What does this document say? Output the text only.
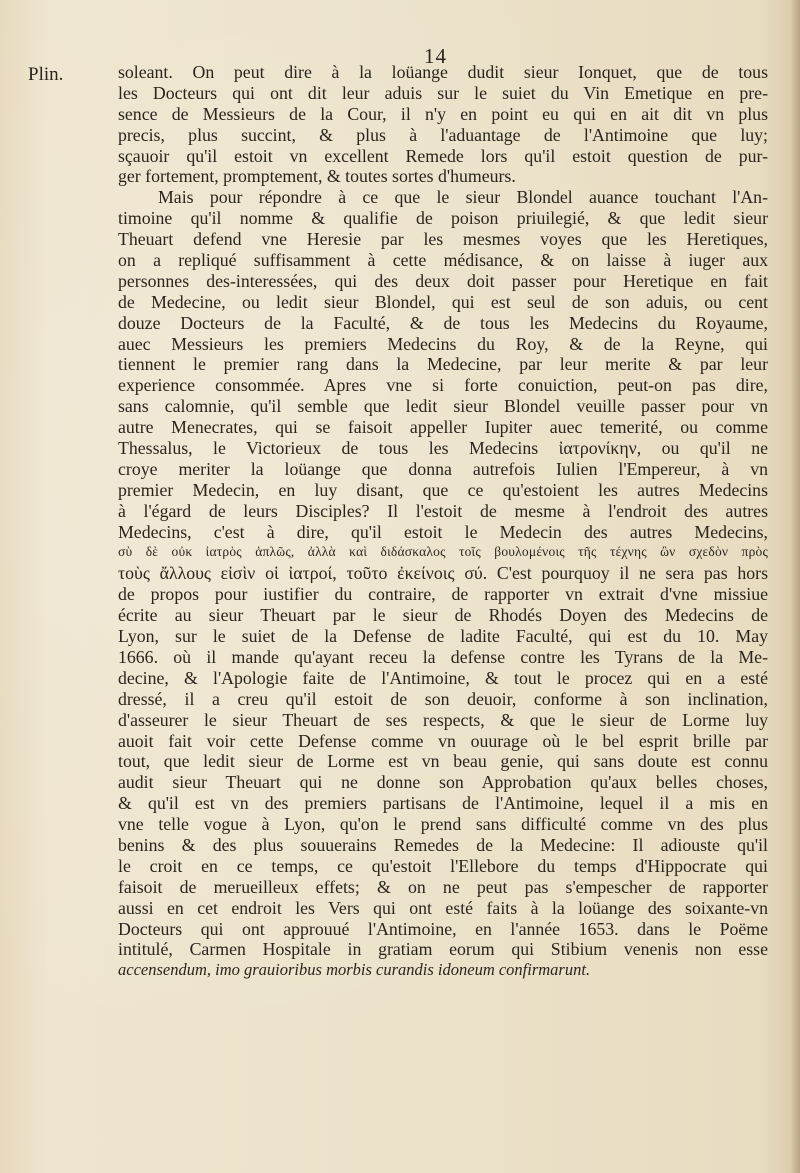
14
Plin.	soleant. On peut dire à la loüange dudit sieur Ionquet, que de tous
les Docteurs qui ont dit leur aduis sur le suiet du Vin Emetique en pre-
sence de Messieurs de la Cour, il n'y en point eu qui en ait dit vn plus
precis, plus succint, & plus à l'aduantage de l'Antimoine que luy;
sçauoir qu'il estoit vn excellent Remede lors qu'il estoit question de pur-
ger fortement, promptement, & toutes sortes d'humeurs.
Mais pour répondre à ce que le sieur Blondel auance touchant l'An-
timoine qu'il nomme & qualifie de poison priuilegié, & que ledit sieur
Theuart defend vne Heresie par les mesmes voyes que les Heretiques,
on a repliqué suffisamment à cette médisance, & on laisse à iuger aux
personnes des-interessées, qui des deux doit passer pour Heretique en fait
de Medecine, ou ledit sieur Blondel, qui est seul de son aduis, ou cent
douze Docteurs de la Faculté, & de tous les Medecins du Royaume,
auec Messieurs les premiers Medecins du Roy, & de la Reyne, qui
tiennent le premier rang dans la Medecine, par leur merite & par leur
experience consommée. Apres vne si forte conuiction, peut-on pas dire,
sans calomnie, qu'il semble que ledit sieur Blondel veuille passer pour vn
autre Menecrates, qui se faisoit appeller Iupiter auec temerité, ou comme
Thessalus, le Victorieux de tous les Medecins ἰατρονίκην, ou qu'il ne
croye meriter la loüange que donna autrefois Iulien l'Empereur, à vn
premier Medecin, en luy disant, que ce qu'estoient les autres Medecins
à l'égard de leurs Disciples? Il l'estoit de mesme à l'endroit des autres
Medecins, c'est à dire, qu'il estoit le Medecin des autres Medecins,
σὺ δὲ οὐκ ἰατρὸς ἁπλῶς, ἀλλὰ καὶ διδάσκαλος τοῖς βουλομένοις τῆς τέχνης ὢν σχεδὸν πρὸς
τοὺς ἄλλους εἰσὶν οἱ ἰατροί, τοῦτο ἐκείνοις σύ. C'est pourquoy il ne sera pas hors
de propos pour iustifier du contraire, de rapporter vn extrait d'vne missiue
écrite au sieur Theuart par le sieur de Rhodés Doyen des Medecins de
Lyon, sur le suiet de la Defense de ladite Faculté, qui est du 10. May
1666. où il mande qu'ayant receu la defense contre les Tyrans de la Me-
decine, & l'Apologie faite de l'Antimoine, & tout le procez qui en a esté
dressé, il a creu qu'il estoit de son deuoir, conforme à son inclination,
d'asseurer le sieur Theuart de ses respects, & que le sieur de Lorme luy
auoit fait voir cette Defense comme vn ouurage où le bel esprit brille par
tout, que ledit sieur de Lorme est vn beau genie, qui sans doute est connu
audit sieur Theuart qui ne donne son Approbation qu'aux belles choses,
& qu'il est vn des premiers partisans de l'Antimoine, lequel il a mis en
vne telle vogue à Lyon, qu'on le prend sans difficulté comme vn des plus
benins & des plus souuerains Remedes de la Medecine: Il adiouste qu'il
le croit en ce temps, ce qu'estoit l'Ellebore du temps d'Hippocrate qui
faisoit de merueilleux effets; & on ne peut pas s'empescher de rapporter
aussi en cet endroit les Vers qui ont esté faits à la loüange des soixante-vn
Docteurs qui ont approuué l'Antimoine, en l'année 1653. dans le Poëme
intitulé, Carmen Hospitale in gratiam eorum qui Stibium venenis non esse
accensendum, imo grauioribus morbis curandis idoneum confirmarunt.
